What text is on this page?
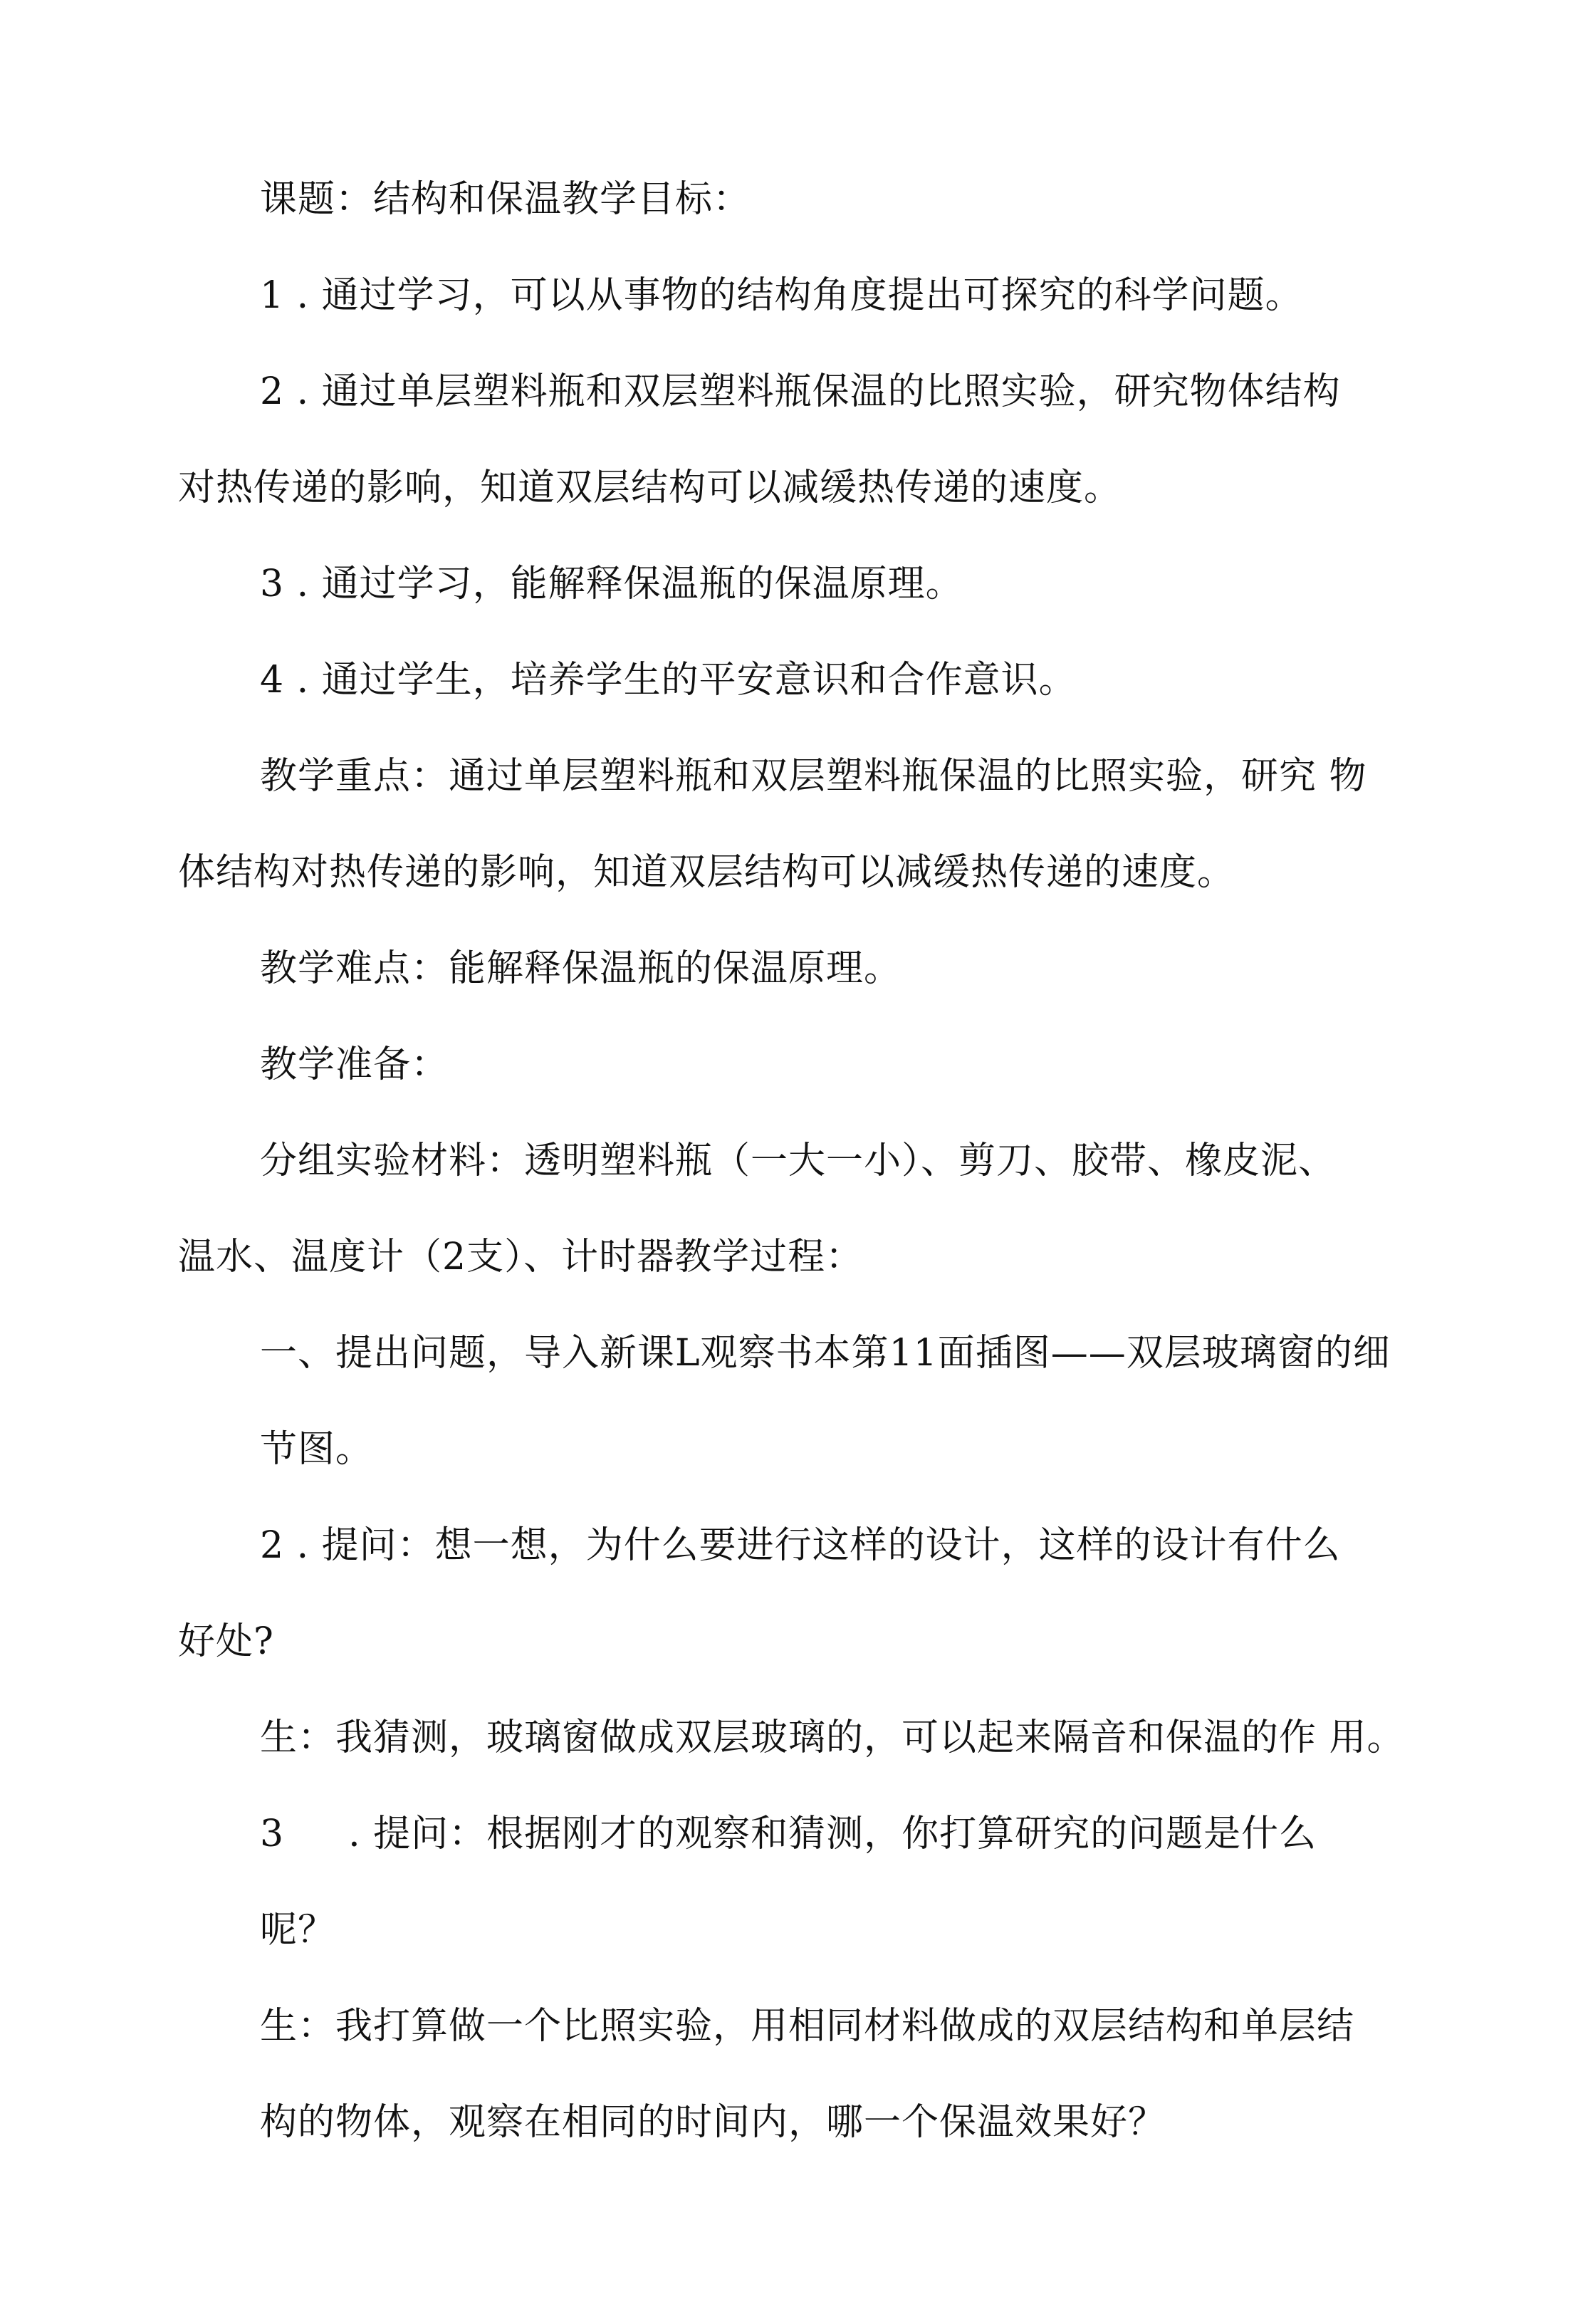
课题：结构和保温教学目标：
1 . 通过学习，可以从事物的结构角度提出可探究的科学问题。
2 . 通过单层塑料瓶和双层塑料瓶保温的比照实验，研究物体结构
对热传递的影响，知道双层结构可以减缓热传递的速度。
3 . 通过学习，能解释保温瓶的保温原理。
4 . 通过学生，培养学生的平安意识和合作意识。
教学重点：通过单层塑料瓶和双层塑料瓶保温的比照实验，研究 物
体结构对热传递的影响，知道双层结构可以减缓热传递的速度。
教学难点：能解释保温瓶的保温原理。
教学准备：
分组实验材料：透明塑料瓶（一大一小）、剪刀、胶带、橡皮泥、
温水、温度计（2支）、计时器教学过程：
一、提出问题，导入新课L观察书本第11面插图——双层玻璃窗的细
节图。
2 . 提问：想一想，为什么要进行这样的设计，这样的设计有什么
好处?
生：我猜测，玻璃窗做成双层玻璃的，可以起来隔音和保温的作 用。
3 . 提问：根据刚才的观察和猜测，你打算研究的问题是什么
呢？
生：我打算做一个比照实验，用相同材料做成的双层结构和单层结
构的物体，观察在相同的时间内，哪一个保温效果好？
